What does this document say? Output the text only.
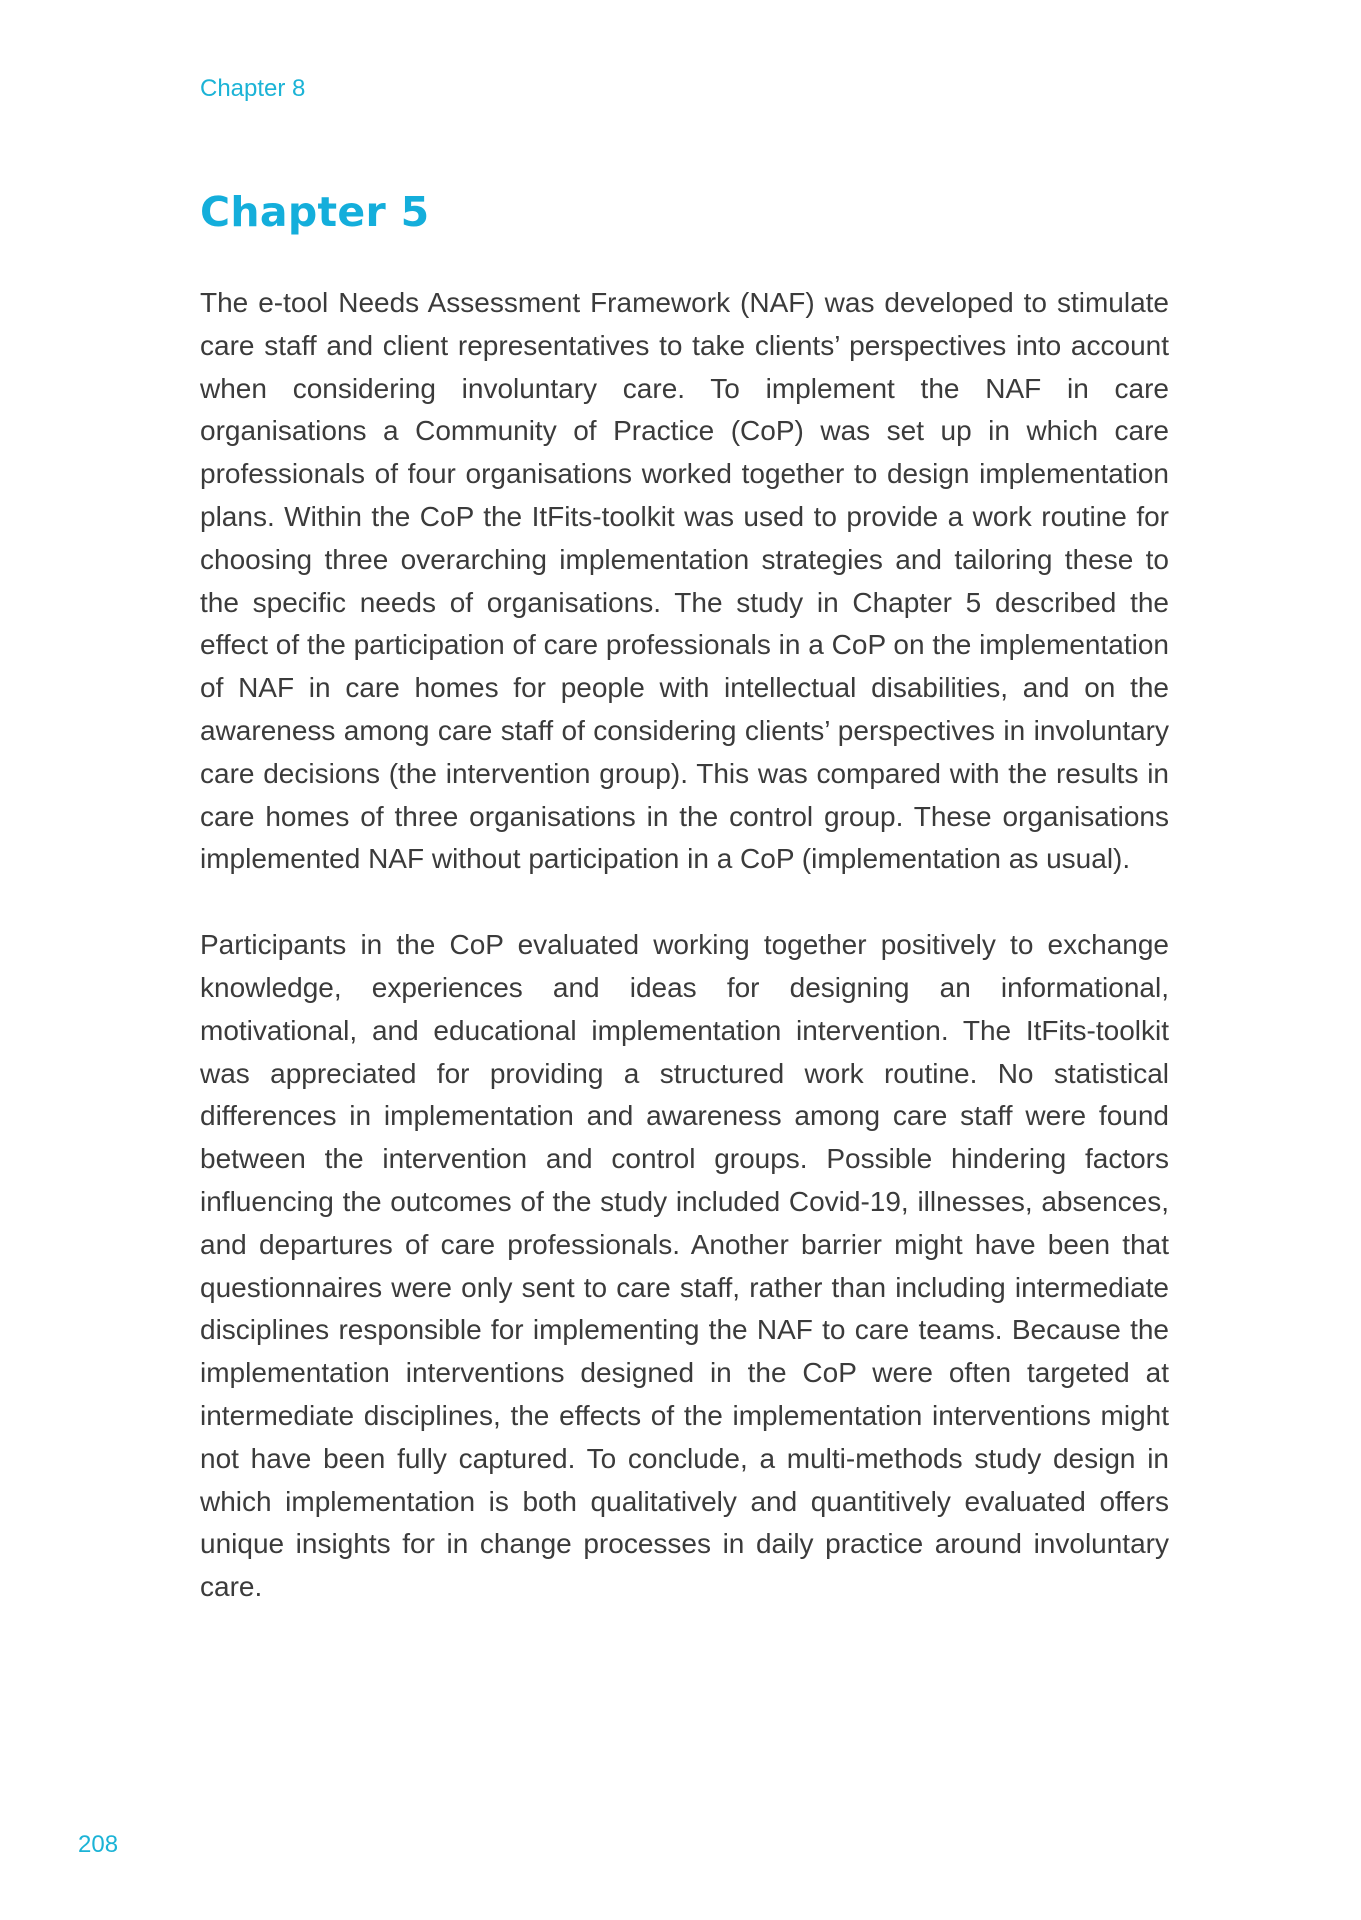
Chapter 8
Chapter 5

The e-tool Needs Assessment Framework (NAF) was developed to stimulate care staff and client representatives to take clients’ perspectives into account when considering involuntary care. To implement the NAF in care organisations a Community of Practice (CoP) was set up in which care professionals of four organisations worked together to design implementation plans. Within the CoP the ItFits-toolkit was used to provide a work routine for choosing three overarching implementation strategies and tailoring these to the specific needs of organisations. The study in Chapter 5 described the effect of the participation of care professionals in a CoP on the implementation of NAF in care homes for people with intellectual disabilities, and on the awareness among care staff of considering clients’ perspectives in involuntary care decisions (the intervention group). This was compared with the results in care homes of three organisations in the control group. These organisations implemented NAF without participation in a CoP (implementation as usual).

Participants in the CoP evaluated working together positively to exchange knowledge, experiences and ideas for designing an informational, motivational, and educational implementation intervention. The ItFits-toolkit was appreciated for providing a structured work routine. No statistical differences in implementation and awareness among care staff were found between the intervention and control groups. Possible hindering factors influencing the outcomes of the study included Covid-19, illnesses, absences, and departures of care professionals. Another barrier might have been that questionnaires were only sent to care staff, rather than including intermediate disciplines responsible for implementing the NAF to care teams. Because the implementation interventions designed in the CoP were often targeted at intermediate disciplines, the effects of the implementation interventions might not have been fully captured. To conclude, a multi-methods study design in which implementation is both qualitatively and quantitively evaluated offers unique insights for in change processes in daily practice around involuntary care.

208
